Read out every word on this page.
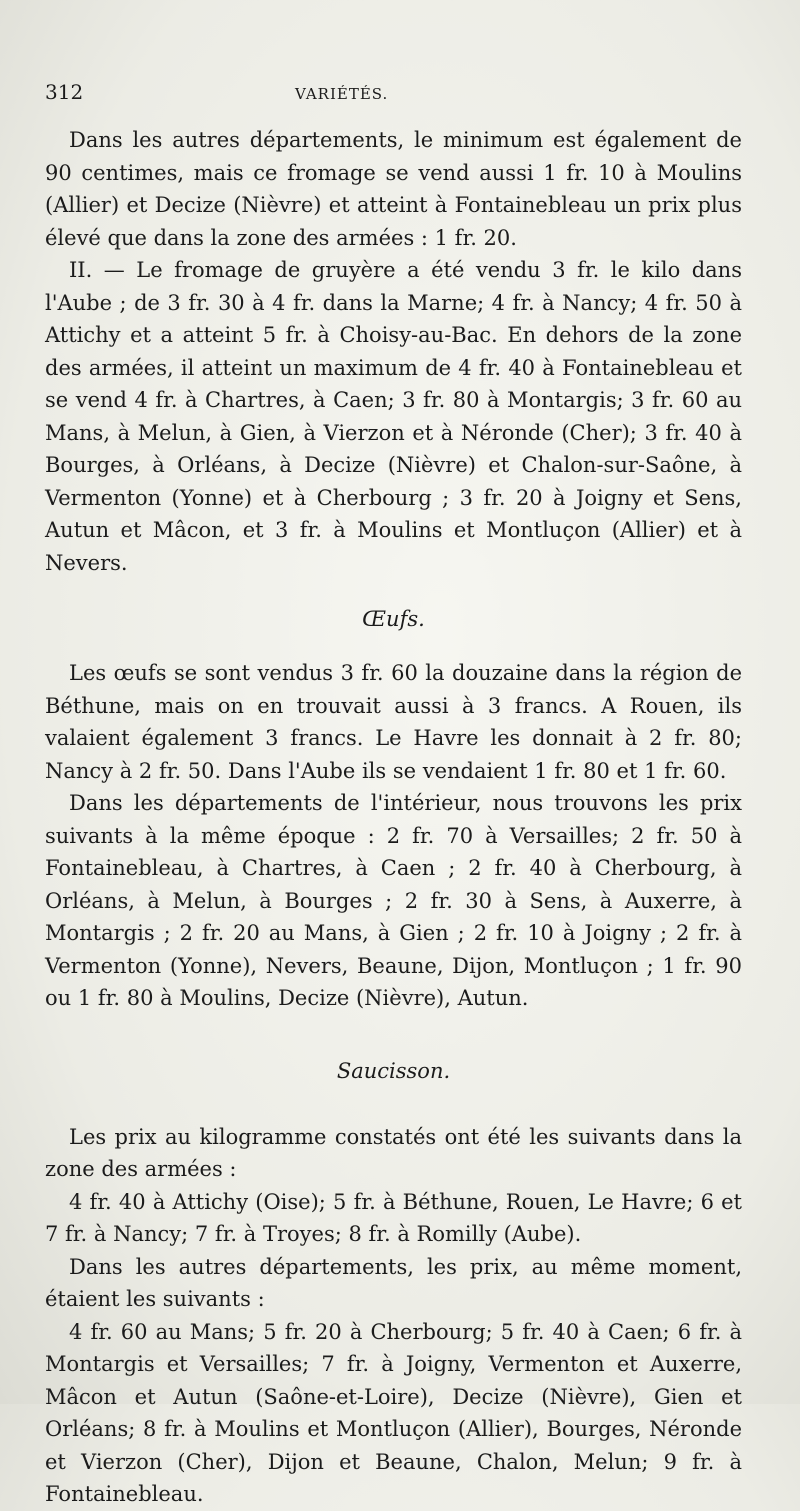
312	VARIÉTÉS.

Dans les autres départements, le minimum est également de 90 centimes, mais ce fromage se vend aussi 1 fr. 10 à Moulins (Allier) et Decize (Nièvre) et atteint à Fontainebleau un prix plus élevé que dans la zone des armées : 1 fr. 20.

II. — Le fromage de gruyère a été vendu 3 fr. le kilo dans l'Aube ; de 3 fr. 30 à 4 fr. dans la Marne; 4 fr. à Nancy; 4 fr. 50 à Attichy et a atteint 5 fr. à Choisy-au-Bac. En dehors de la zone des armées, il atteint un maximum de 4 fr. 40 à Fontainebleau et se vend 4 fr. à Chartres, à Caen; 3 fr. 80 à Montargis; 3 fr. 60 au Mans, à Melun, à Gien, à Vierzon et à Néronde (Cher); 3 fr. 40 à Bourges, à Orléans, à Decize (Nièvre) et Chalon-sur-Saône, à Vermenton (Yonne) et à Cherbourg ; 3 fr. 20 à Joigny et Sens, Autun et Mâcon, et 3 fr. à Moulins et Montluçon (Allier) et à Nevers.

Œufs.

Les œufs se sont vendus 3 fr. 60 la douzaine dans la région de Béthune, mais on en trouvait aussi à 3 francs. A Rouen, ils valaient également 3 francs. Le Havre les donnait à 2 fr. 80; Nancy à 2 fr. 50. Dans l'Aube ils se vendaient 1 fr. 80 et 1 fr. 60.

Dans les départements de l'intérieur, nous trouvons les prix suivants à la même époque : 2 fr. 70 à Versailles; 2 fr. 50 à Fontainebleau, à Chartres, à Caen ; 2 fr. 40 à Cherbourg, à Orléans, à Melun, à Bourges ; 2 fr. 30 à Sens, à Auxerre, à Montargis ; 2 fr. 20 au Mans, à Gien ; 2 fr. 10 à Joigny ; 2 fr. à Vermenton (Yonne), Nevers, Beaune, Dijon, Montluçon ; 1 fr. 90 ou 1 fr. 80 à Moulins, Decize (Nièvre), Autun.

Saucisson.

Les prix au kilogramme constatés ont été les suivants dans la zone des armées :

4 fr. 40 à Attichy (Oise); 5 fr. à Béthune, Rouen, Le Havre; 6 et 7 fr. à Nancy; 7 fr. à Troyes; 8 fr. à Romilly (Aube).

Dans les autres départements, les prix, au même moment, étaient les suivants :

4 fr. 60 au Mans; 5 fr. 20 à Cherbourg; 5 fr. 40 à Caen; 6 fr. à Montargis et Versailles; 7 fr. à Joigny, Vermenton et Auxerre, Mâcon et Autun (Saône-et-Loire), Decize (Nièvre), Gien et Orléans; 8 fr. à Moulins et Montluçon (Allier), Bourges, Néronde et Vierzon (Cher), Dijon et Beaune, Chalon, Melun; 9 fr. à Fontainebleau.
